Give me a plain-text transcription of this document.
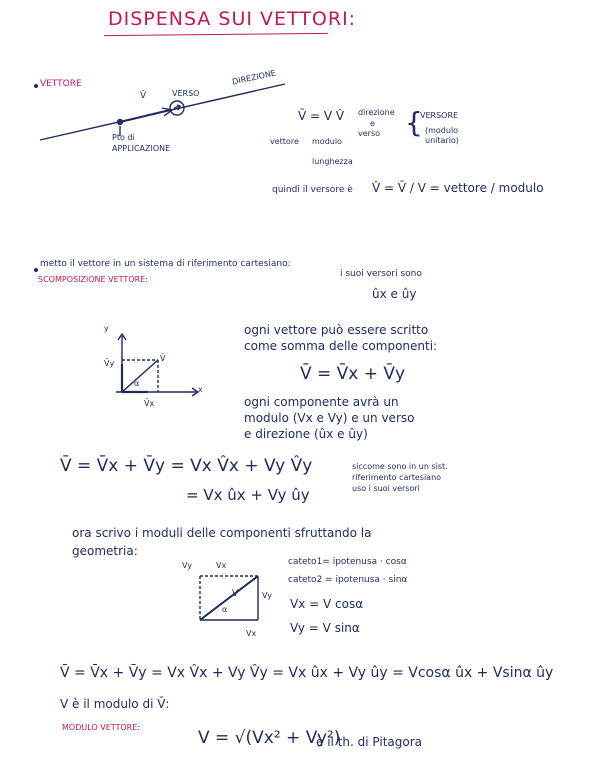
DISPENSA SUI VETTORI:
VETTORE
V̄	VERSO
DIREZIONE
Pto di
APPLICAZIONE
V̄ = V V̂ direzione
e
verso {
VERSORE
(modulo
unitario)
vettore modulo
lunghezza
quindi il versore è V̂ = V̄ / V = vettore / modulo
metto il vettore in un sistema di riferimento cartesiano:
SCOMPOSIZIONE VETTORE:
i suoi versori sono
ûx e ûy
y
x
V̄y
V̄x
V̄
α
ogni vettore può essere scritto
come somma delle componenti:
V̄ = V̄x + V̄y
ogni componente avrà un
modulo (Vx e Vy) e un verso
e direzione (ûx e ûy)
V̄ = V̄x + V̄y = Vx V̂x + Vy V̂y
= Vx ûx + Vy ûy
siccome sono in un sist.
riferimento cartesiano
uso i suoi versori
ora scrivo i moduli delle componenti sfruttando la
geometria:
Vy	Vx
V
α
Vy
Vx
cateto1= ipotenusa · cosα
cateto2 = ipotenusa · sinα
Vx = V cosα
Vy = V sinα
V̄ = V̄x + V̄y = Vx V̂x + Vy V̂y = Vx ûx + Vy ûy = Vcosα ûx + Vsinα ûy
V è il modulo di V̄:
MODULO VETTORE:
V = √(Vx² + Vy²)
è il th. di Pitagora
